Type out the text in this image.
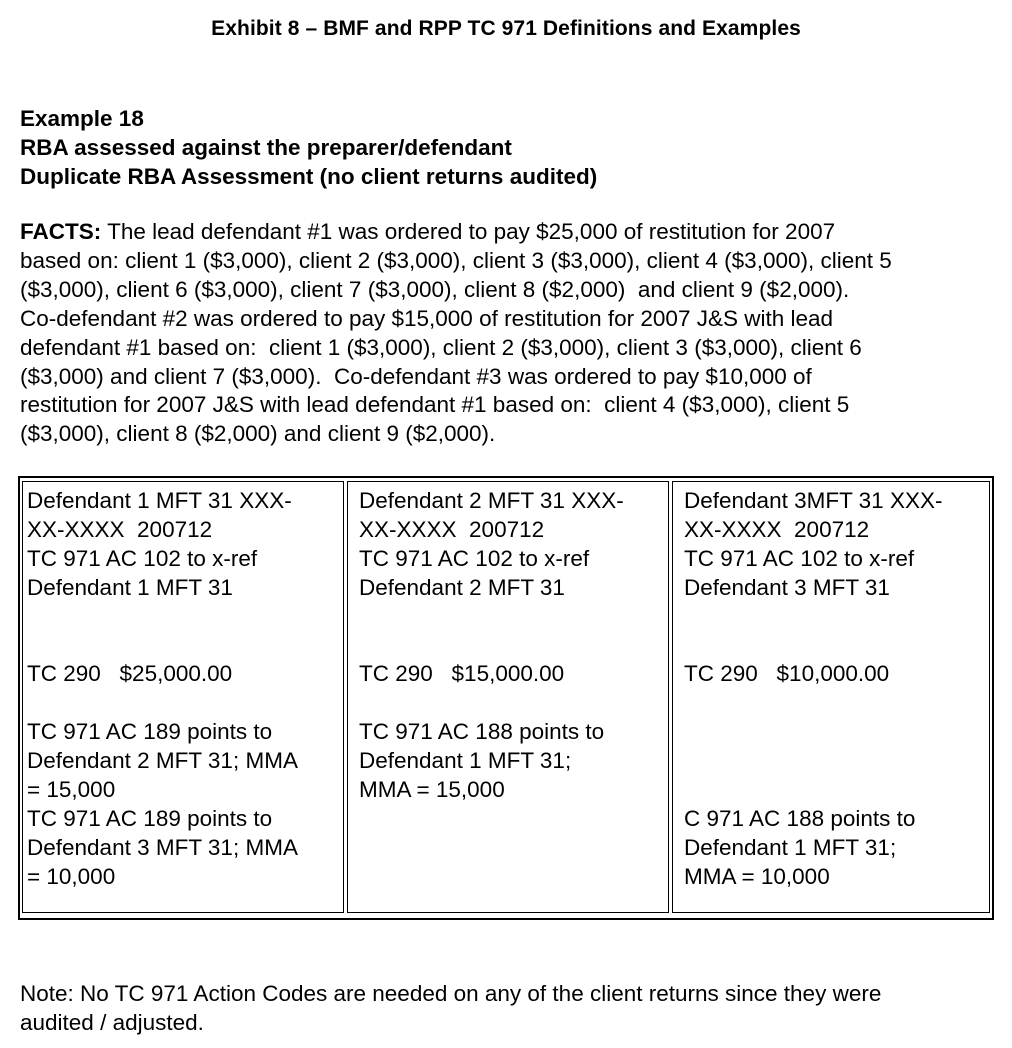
Exhibit 8 – BMF and RPP TC 971 Definitions and Examples
Example 18
RBA assessed against the preparer/defendant
Duplicate RBA Assessment (no client returns audited)
FACTS: The lead defendant #1 was ordered to pay $25,000 of restitution for 2007
based on: client 1 ($3,000), client 2 ($3,000), client 3 ($3,000), client 4 ($3,000), client 5
($3,000), client 6 ($3,000), client 7 ($3,000), client 8 ($2,000)  and client 9 ($2,000).
Co-defendant #2 was ordered to pay $15,000 of restitution for 2007 J&S with lead
defendant #1 based on:  client 1 ($3,000), client 2 ($3,000), client 3 ($3,000), client 6
($3,000) and client 7 ($3,000).  Co-defendant #3 was ordered to pay $10,000 of
restitution for 2007 J&S with lead defendant #1 based on:  client 4 ($3,000), client 5
($3,000), client 8 ($2,000) and client 9 ($2,000).
Defendant 1 MFT 31 XXX-
XX-XXXX  200712
TC 971 AC 102 to x-ref
Defendant 1 MFT 31
TC 290   $25,000.00
TC 971 AC 189 points to
Defendant 2 MFT 31; MMA
= 15,000
TC 971 AC 189 points to
Defendant 3 MFT 31; MMA
= 10,000
Defendant 2 MFT 31 XXX-
XX-XXXX  200712
TC 971 AC 102 to x-ref
Defendant 2 MFT 31
TC 290   $15,000.00
TC 971 AC 188 points to
Defendant 1 MFT 31;
MMA = 15,000
Defendant 3MFT 31 XXX-
XX-XXXX  200712
TC 971 AC 102 to x-ref
Defendant 3 MFT 31
TC 290   $10,000.00
C 971 AC 188 points to
Defendant 1 MFT 31;
MMA = 10,000
Note: No TC 971 Action Codes are needed on any of the client returns since they were
audited / adjusted.
